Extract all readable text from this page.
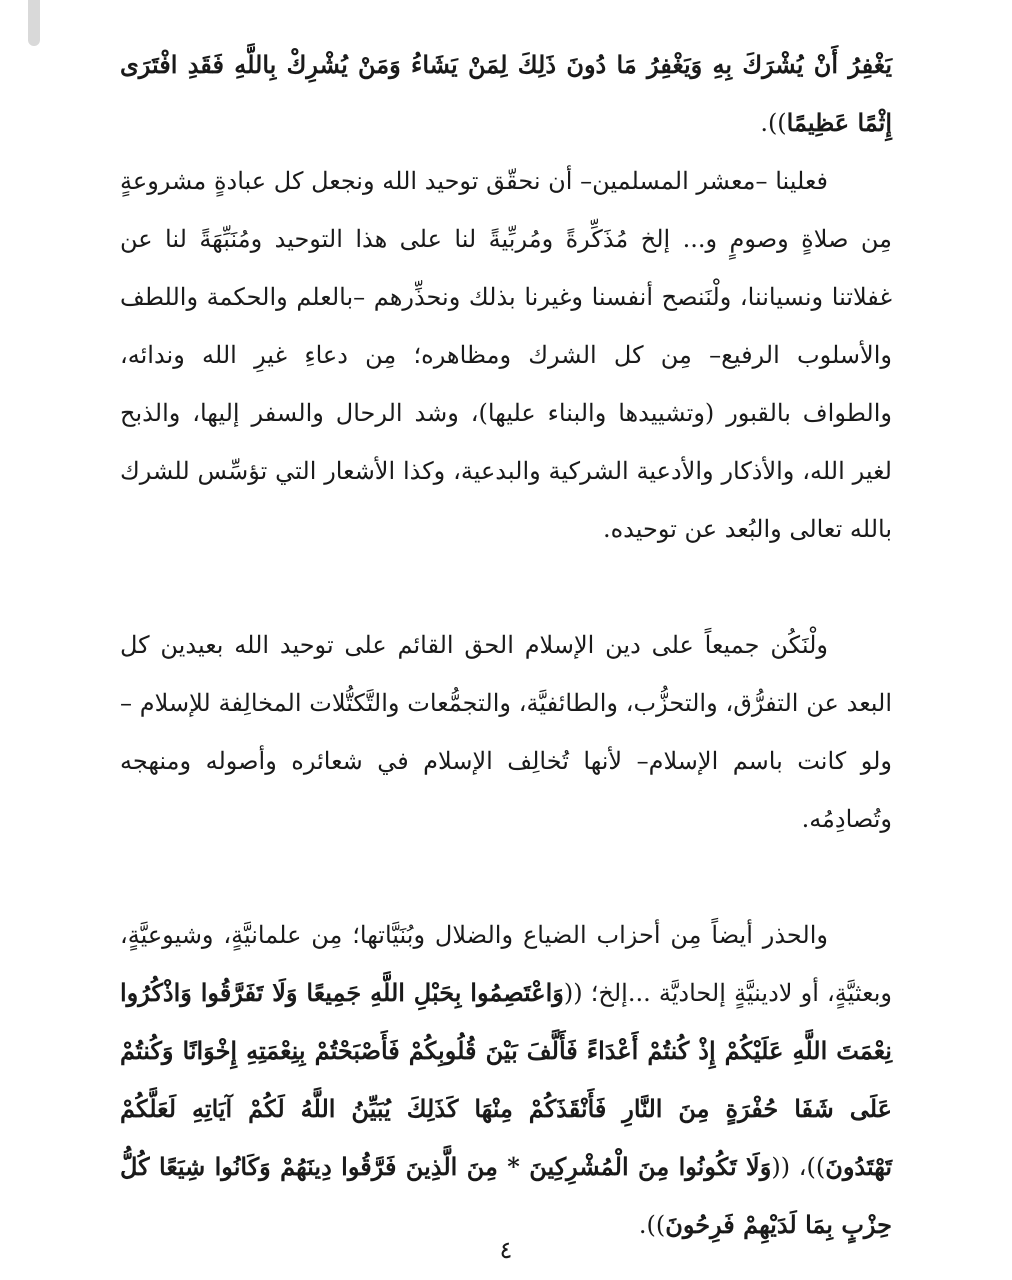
يَغْفِرُ أَنْ يُشْرَكَ بِهِ وَيَغْفِرُ مَا دُونَ ذَلِكَ لِمَنْ يَشَاءُ وَمَنْ يُشْرِكْ بِاللَّهِ فَقَدِ افْتَرَى إِثْمًا عَظِيمًا)).

فعلينا –معشر المسلمين– أن نحقّق توحيد الله ونجعل كل عبادةٍ مشروعةٍ مِن صلاةٍ وصومٍ و... إلخ مُذَكِّرةً ومُربِّيةً لنا على هذا التوحيد ومُنَبِّهَةً لنا عن غفلاتنا ونسياننا، ولْنَنصح أنفسنا وغيرنا بذلك ونحذِّرهم –بالعلم والحكمة واللطف والأسلوب الرفيع– مِن كل الشرك ومظاهره؛ مِن دعاءِ غيرِ الله وندائه، والطواف بالقبور (وتشييدها والبناء عليها)، وشد الرحال والسفر إليها، والذبح لغير الله، والأذكار والأدعية الشركية والبدعية، وكذا الأشعار التي تؤسِّس للشرك بالله تعالى والبُعد عن توحيده.

ولْنَكُن جميعاً على دين الإسلام الحق القائم على توحيد الله بعيدين كل البعد عن التفرُّق، والتحزُّب، والطائفيَّة، والتجمُّعات والتَّكتُّلات المخالِفة للإسلام –ولو كانت باسم الإسلام– لأنها تُخالِف الإسلام في شعائره وأصوله ومنهجه وتُصادِمُه.

والحذر أيضاً مِن أحزاب الضياع والضلال وبُنَيَّاتها؛ مِن علمانيَّةٍ، وشيوعيَّةٍ، وبعثيَّةٍ، أو لادينيَّةٍ إلحاديَّة ...إلخ؛ ((وَاعْتَصِمُوا بِحَبْلِ اللَّهِ جَمِيعًا وَلَا تَفَرَّقُوا وَاذْكُرُوا نِعْمَتَ اللَّهِ عَلَيْكُمْ إِذْ كُنتُمْ أَعْدَاءً فَأَلَّفَ بَيْنَ قُلُوبِكُمْ فَأَصْبَحْتُمْ بِنِعْمَتِهِ إِخْوَانًا وَكُنتُمْ عَلَى شَفَا حُفْرَةٍ مِنَ النَّارِ فَأَنْقَذَكُمْ مِنْهَا كَذَلِكَ يُبَيِّنُ اللَّهُ لَكُمْ آيَاتِهِ لَعَلَّكُمْ تَهْتَدُونَ))، ((وَلَا تَكُونُوا مِنَ الْمُشْرِكِينَ * مِنَ الَّذِينَ فَرَّقُوا دِينَهُمْ وَكَانُوا شِيَعًا كُلُّ حِزْبٍ بِمَا لَدَيْهِمْ فَرِحُونَ)).

٤
